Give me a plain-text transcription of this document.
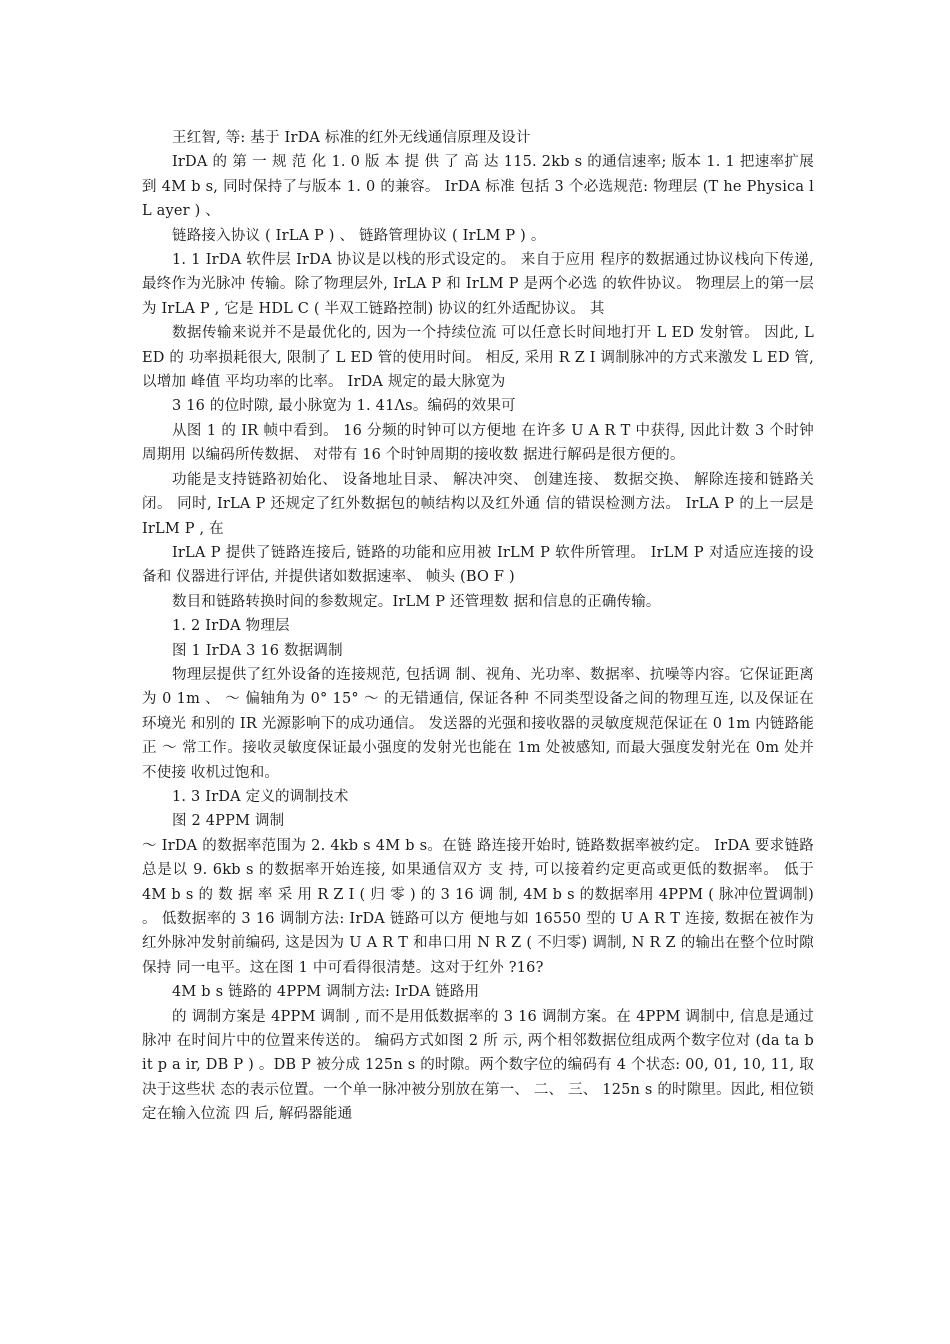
王红智, 等: 基于 IrDA 标准的红外无线通信原理及设计

IrDA 的 第 一 规 范 化 1. 0 版 本 提 供 了 高 达 115. 2kb s 的通信速率; 版本 1. 1 把速率扩展到 4M b s, 同时保持了与版本 1. 0 的兼容。 IrDA 标准 包括 3 个必选规范: 物理层 (T he Physica l L ayer ) 、

链路接入协议 ( IrLA P ) 、 链路管理协议 ( IrLM P ) 。

1. 1 IrDA 软件层 IrDA 协议是以栈的形式设定的。 来自于应用 程序的数据通过协议栈向下传递, 最终作为光脉冲 传输。除了物理层外, IrLA P 和 IrLM P 是两个必选 的软件协议。 物理层上的第一层为 IrLA P , 它是 HDL C ( 半双工链路控制) 协议的红外适配协议。 其

数据传输来说并不是最优化的, 因为一个持续位流 可以任意长时间地打开 L ED 发射管。 因此, L ED 的 功率损耗很大, 限制了 L ED 管的使用时间。 相反, 采用 R Z I 调制脉冲的方式来激发 L ED 管, 以增加 峰值 平均功率的比率。 IrDA 规定的最大脉宽为

3 16 的位时隙, 最小脉宽为 1. 41Λs。编码的效果可

从图 1 的 IR 帧中看到。 16 分频的时钟可以方便地 在许多 U A R T 中获得, 因此计数 3 个时钟周期用 以编码所传数据、 对带有 16 个时钟周期的接收数 据进行解码是很方便的。

功能是支持链路初始化、 设备地址目录、 解决冲突、 创建连接、 数据交换、 解除连接和链路关闭。 同时, IrLA P 还规定了红外数据包的帧结构以及红外通 信的错误检测方法。 IrLA P 的上一层是 IrLM P , 在

IrLA P 提供了链路连接后, 链路的功能和应用被 IrLM P 软件所管理。 IrLM P 对适应连接的设备和 仪器进行评估, 并提供诸如数据速率、 帧头 (BO F )

数目和链路转换时间的参数规定。IrLM P 还管理数 据和信息的正确传输。

1. 2 IrDA 物理层

图 1 IrDA 3 16 数据调制

物理层提供了红外设备的连接规范, 包括调 制、视角、光功率、数据率、抗噪等内容。它保证距离 为 0 1m 、 ～ 偏轴角为 0° 15° ～ 的无错通信, 保证各种 不同类型设备之间的物理互连, 以及保证在环境光 和别的 IR 光源影响下的成功通信。 发送器的光强和接收器的灵敏度规范保证在 0 1m 内链路能正 ～ 常工作。接收灵敏度保证最小强度的发射光也能在 1m 处被感知, 而最大强度发射光在 0m 处并不使接 收机过饱和。

1. 3 IrDA 定义的调制技术

图 2 4PPM 调制

～ IrDA 的数据率范围为 2. 4kb s 4M b s。在链 路连接开始时, 链路数据率被约定。 IrDA 要求链路 总是以 9. 6kb s 的数据率开始连接, 如果通信双方 支 持, 可以接着约定更高或更低的数据率。 低于 4M b s 的 数 据 率 采 用 R Z I ( 归 零 ) 的 3 16 调 制, 4M b s 的数据率用 4PPM ( 脉冲位置调制) 。 低数据率的 3 16 调制方法: IrDA 链路可以方 便地与如 16550 型的 U A R T 连接, 数据在被作为 红外脉冲发射前编码, 这是因为 U A R T 和串口用 N R Z ( 不归零) 调制, N R Z 的输出在整个位时隙保持 同一电平。这在图 1 中可看得很清楚。这对于红外 ?16?

4M b s 链路的 4PPM 调制方法: IrDA 链路用

的 调制方案是 4PPM 调制 , 而不是用低数据率的 3 16 调制方案。在 4PPM 调制中, 信息是通过脉冲 在时间片中的位置来传送的。 编码方式如图 2 所 示, 两个相邻数据位组成两个数字位对 (da ta b it p a ir, DB P ) 。DB P 被分成 125n s 的时隙。两个数字位的编码有 4 个状态: 00, 01, 10, 11, 取决于这些状 态的表示位置。一个单一脉冲被分别放在第一、 二、 三、 125n s 的时隙里。因此, 相位锁定在输入位流 四 后, 解码器能通
